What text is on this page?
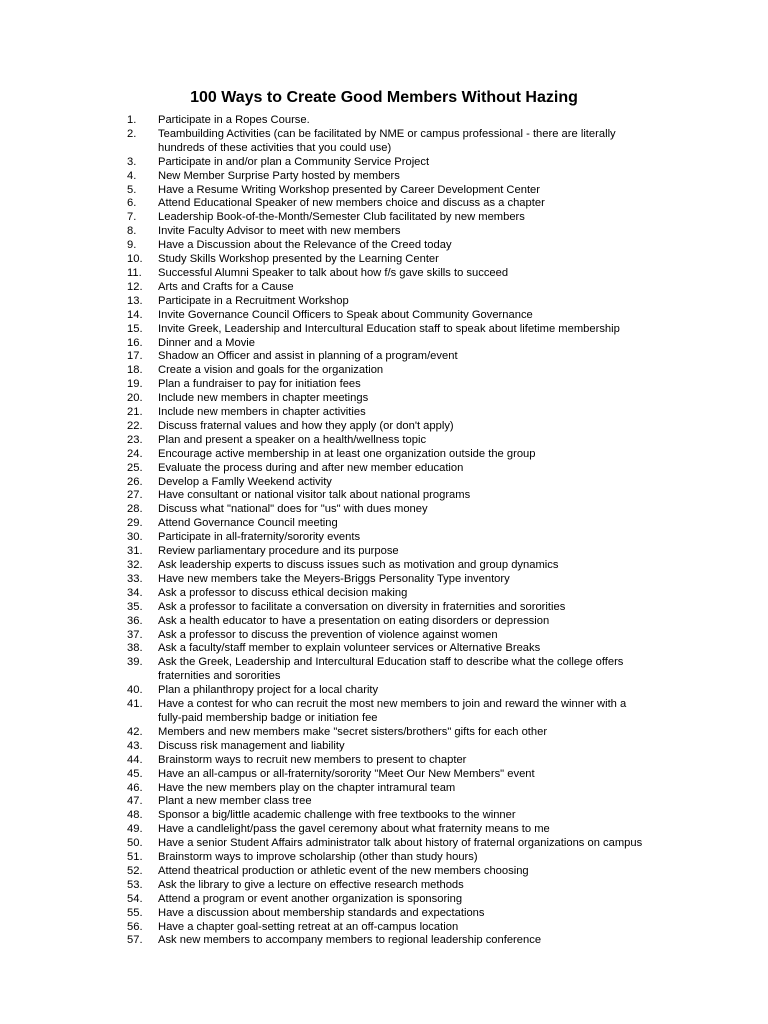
100 Ways to Create Good Members Without Hazing
1.	Participate in a Ropes Course.
2.	Teambuilding Activities (can be facilitated by NME or campus professional - there are literally
hundreds of these activities that you could use)
3.	Participate in and/or plan a Community Service Project
4.	New Member Surprise Party hosted by members
5.	Have a Resume Writing Workshop presented by Career Development Center
6.	Attend Educational Speaker of new members choice and discuss as a chapter
7.	Leadership Book-of-the-Month/Semester Club facilitated by new members
8.	Invite Faculty Advisor to meet with new members
9.	Have a Discussion about the Relevance of the Creed today
10.	Study Skills Workshop presented by the Learning Center
11.	Successful Alumni Speaker to talk about how f/s gave skills to succeed
12.	Arts and Crafts for a Cause
13.	Participate in a Recruitment Workshop
14.	Invite Governance Council Officers to Speak about Community Governance
15.	Invite Greek, Leadership and Intercultural Education staff to speak about lifetime membership
16.	Dinner and a Movie
17.	Shadow an Officer and assist in planning of a program/event
18.	Create a vision and goals for the organization
19.	Plan a fundraiser to pay for initiation fees
20.	Include new members in chapter meetings
21.	Include new members in chapter activities
22.	Discuss fraternal values and how they apply (or don't apply)
23.	Plan and present a speaker on a health/wellness topic
24.	Encourage active membership in at least one organization outside the group
25.	Evaluate the process during and after new member education
26.	Develop a Famlly Weekend activity
27.	Have consultant or national visitor talk about national programs
28.	Discuss what "national" does for "us" with dues money
29.	Attend Governance Council meeting
30.	Participate in all-fraternity/sorority events
31.	Review parliamentary procedure and its purpose
32.	Ask leadership experts to discuss issues such as motivation and group dynamics
33.	Have new members take the Meyers-Briggs Personality Type inventory
34.	Ask a professor to discuss ethical decision making
35.	Ask a professor to facilitate a conversation on diversity in fraternities and sororities
36.	Ask a health educator to have a presentation on eating disorders or depression
37.	Ask a professor to discuss the prevention of violence against women
38.	Ask a faculty/staff member to explain volunteer services or Alternative Breaks
39.	Ask the Greek, Leadership and Intercultural Education staff to describe what the college offers
fraternities and sororities
40.	Plan a philanthropy project for a local charity
41.	Have a contest for who can recruit the most new members to join and reward the winner with a
fully-paid membership badge or initiation fee
42.	Members and new members make "secret sisters/brothers" gifts for each other
43.	Discuss risk management and liability
44.	Brainstorm ways to recruit new members to present to chapter
45.	Have an all-campus or all-fraternity/sorority "Meet Our New Members" event
46.	Have the new members play on the chapter intramural team
47.	Plant a new member class tree
48.	Sponsor a big/little academic challenge with free textbooks to the winner
49.	Have a candlelight/pass the gavel ceremony about what fraternity means to me
50.	Have a senior Student Affairs administrator talk about history of fraternal organizations on campus
51.	Brainstorm ways to improve scholarship (other than study hours)
52.	Attend theatrical production or athletic event of the new members choosing
53.	Ask the library to give a lecture on effective research methods
54.	Attend a program or event another organization is sponsoring
55.	Have a discussion about membership standards and expectations
56.	Have a chapter goal-setting retreat at an off-campus location
57.	Ask new members to accompany members to regional leadership conference
